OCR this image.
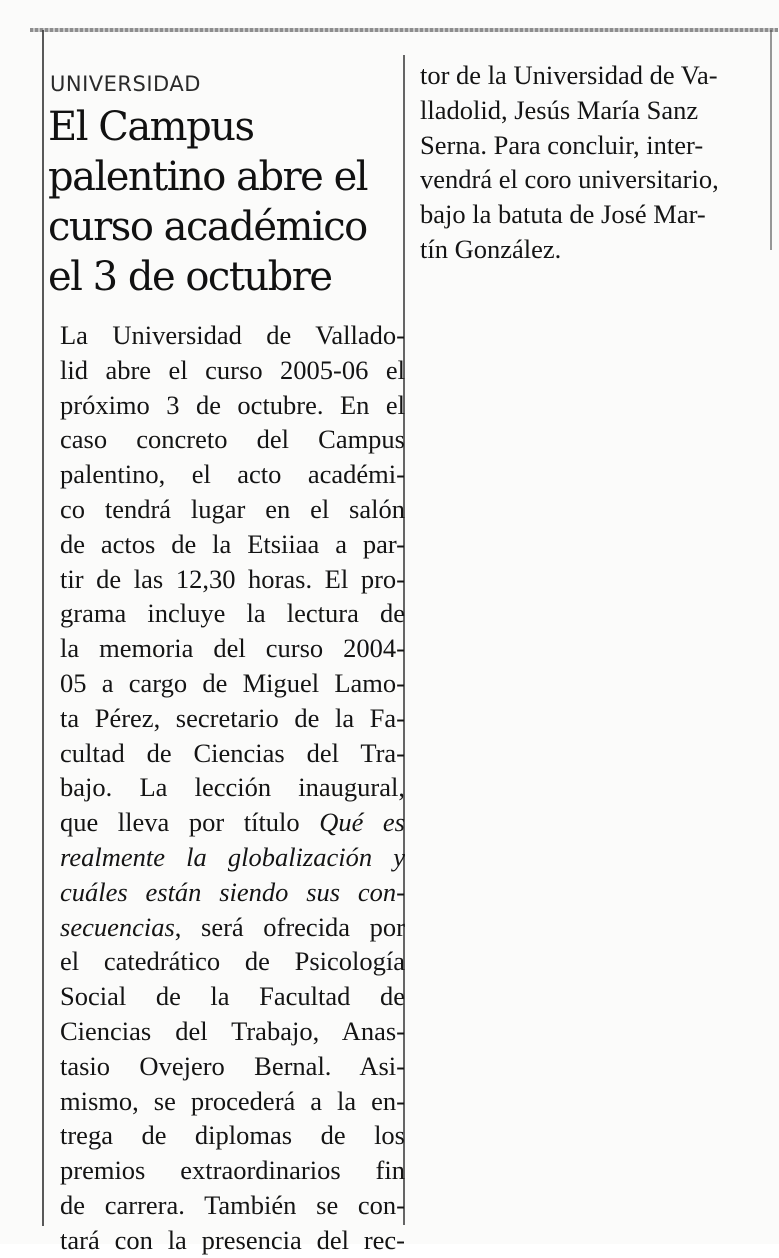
UNIVERSIDAD
El Campus
palentino abre el
curso académico
el 3 de octubre
La Universidad de Vallado-
lid abre el curso 2005-06 el
próximo 3 de octubre. En el
caso concreto del Campus
palentino, el acto académi-
co tendrá lugar en el salón
de actos de la Etsiiaa a par-
tir de las 12,30 horas. El pro-
grama incluye la lectura de
la memoria del curso 2004-
05 a cargo de Miguel Lamo-
ta Pérez, secretario de la Fa-
cultad de Ciencias del Tra-
bajo. La lección inaugural,
que lleva por título Qué es
realmente la globalización y
cuáles están siendo sus con-
secuencias, será ofrecida por
el catedrático de Psicología
Social de la Facultad de
Ciencias del Trabajo, Anas-
tasio Ovejero Bernal. Asi-
mismo, se procederá a la en-
trega de diplomas de los
premios extraordinarios fin
de carrera. También se con-
tará con la presencia del rec-
tor de la Universidad de Va-
lladolid, Jesús María Sanz
Serna. Para concluir, inter-
vendrá el coro universitario,
bajo la batuta de José Mar-
tín González.
